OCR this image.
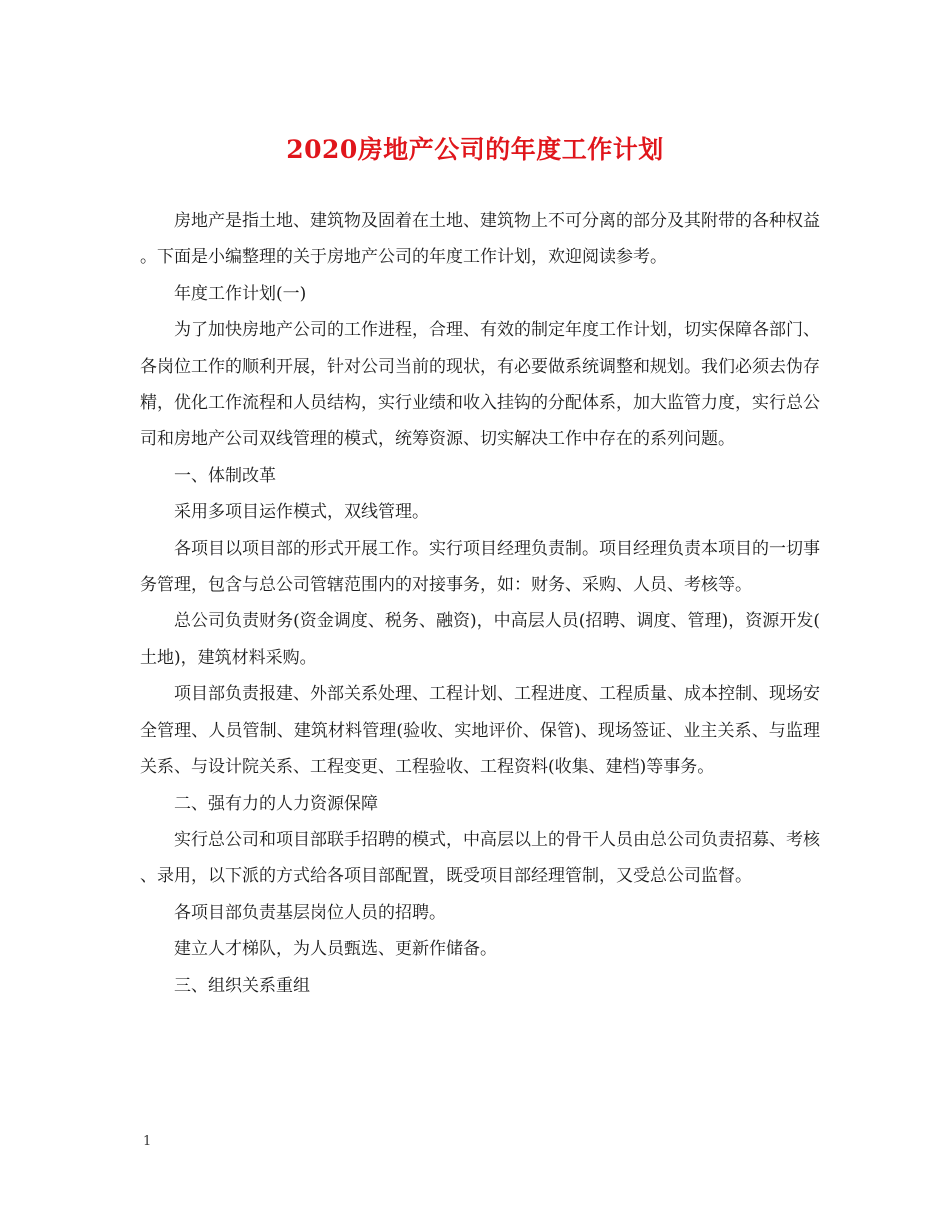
2020房地产公司的年度工作计划

房地产是指土地、建筑物及固着在土地、建筑物上不可分离的部分及其附带的各种权益。下面是小编整理的关于房地产公司的年度工作计划，欢迎阅读参考。

年度工作计划(一)

为了加快房地产公司的工作进程，合理、有效的制定年度工作计划，切实保障各部门、各岗位工作的顺利开展，针对公司当前的现状，有必要做系统调整和规划。我们必须去伪存精，优化工作流程和人员结构，实行业绩和收入挂钩的分配体系，加大监管力度，实行总公司和房地产公司双线管理的模式，统筹资源、切实解决工作中存在的系列问题。

一、体制改革

采用多项目运作模式，双线管理。

各项目以项目部的形式开展工作。实行项目经理负责制。项目经理负责本项目的一切事务管理，包含与总公司管辖范围内的对接事务，如：财务、采购、人员、考核等。

总公司负责财务(资金调度、税务、融资)，中高层人员(招聘、调度、管理)，资源开发(土地)，建筑材料采购。

项目部负责报建、外部关系处理、工程计划、工程进度、工程质量、成本控制、现场安全管理、人员管制、建筑材料管理(验收、实地评价、保管)、现场签证、业主关系、与监理关系、与设计院关系、工程变更、工程验收、工程资料(收集、建档)等事务。

二、强有力的人力资源保障

实行总公司和项目部联手招聘的模式，中高层以上的骨干人员由总公司负责招募、考核、录用，以下派的方式给各项目部配置，既受项目部经理管制，又受总公司监督。

各项目部负责基层岗位人员的招聘。

建立人才梯队，为人员甄选、更新作储备。

三、组织关系重组

1
